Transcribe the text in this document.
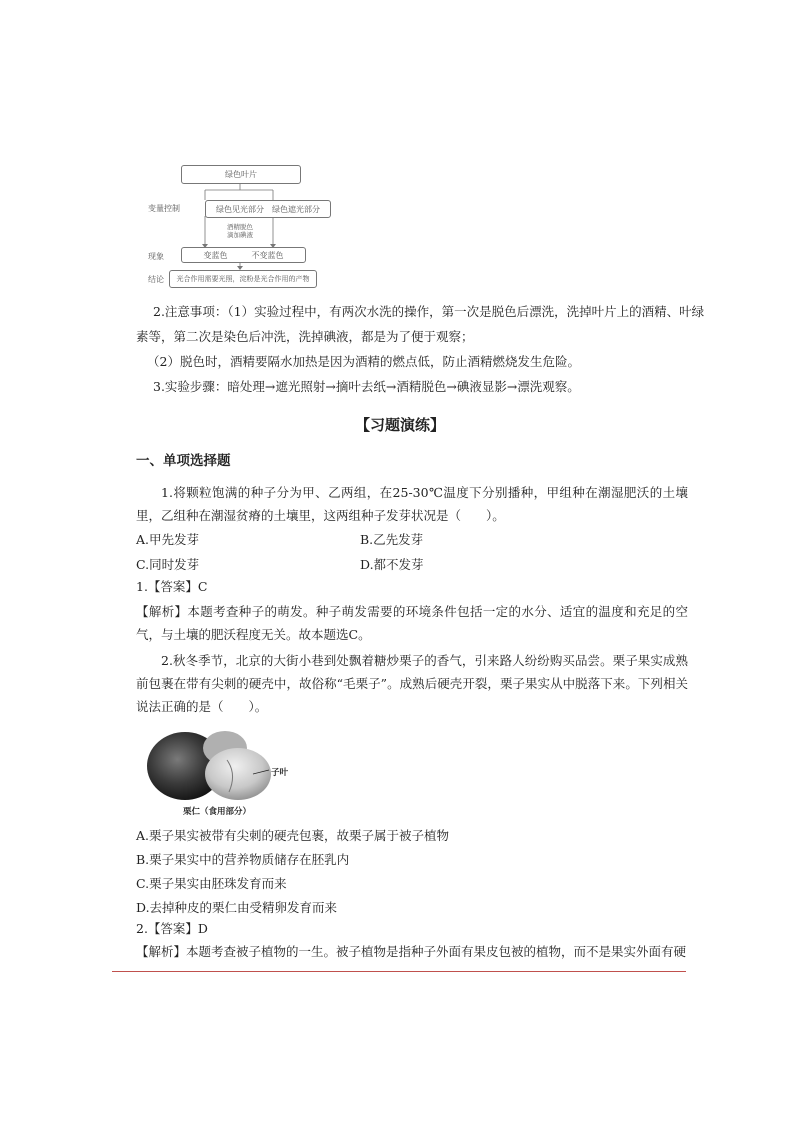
绿色叶片
变量控制	绿色见光部分 绿色遮光部分
酒精脱色
滴加碘液
现象	变蓝色	不变蓝色
结论	光合作用需要光照，淀粉是光合作用的产物
2.注意事项：（1）实验过程中，有两次水洗的操作，第一次是脱色后漂洗，洗掉叶片上的酒精、叶绿
素等，第二次是染色后冲洗，洗掉碘液，都是为了便于观察；
（2）脱色时，酒精要隔水加热是因为酒精的燃点低，防止酒精燃烧发生危险。
3.实验步骤：暗处理→遮光照射→摘叶去纸→酒精脱色→碘液显影→漂洗观察。
【习题演练】
一、单项选择题
1.将颗粒饱满的种子分为甲、乙两组，在25-30℃温度下分别播种，甲组种在潮湿肥沃的土壤里，乙组种在潮湿贫瘠的土壤里，这两组种子发芽状况是（　　）。
A.甲先发芽	B.乙先发芽
C.同时发芽	D.都不发芽
1.【答案】C
【解析】本题考查种子的萌发。种子萌发需要的环境条件包括一定的水分、适宜的温度和充足的空气，与土壤的肥沃程度无关。故本题选C。
2.秋冬季节，北京的大街小巷到处飘着糖炒栗子的香气，引来路人纷纷购买品尝。栗子果实成熟前包裹在带有尖刺的硬壳中，故俗称“毛栗子”。成熟后硬壳开裂，栗子果实从中脱落下来。下列相关说法正确的是（　　）。
子叶
栗仁（食用部分）
A.栗子果实被带有尖刺的硬壳包裹，故栗子属于被子植物
B.栗子果实中的营养物质储存在胚乳内
C.栗子果实由胚珠发育而来
D.去掉种皮的栗仁由受精卵发育而来
2.【答案】D
【解析】本题考查被子植物的一生。被子植物是指种子外面有果皮包被的植物，而不是果实外面有硬
